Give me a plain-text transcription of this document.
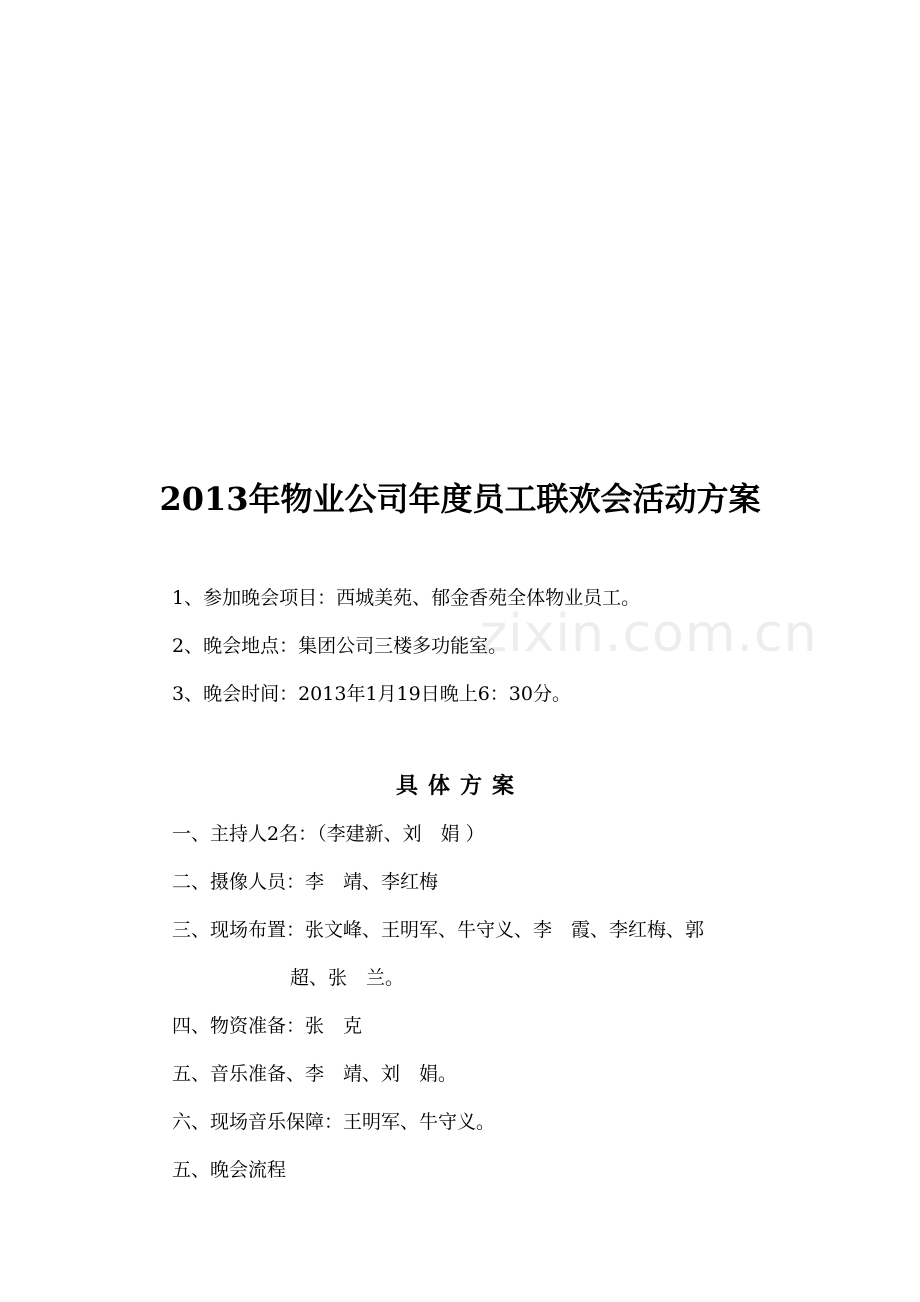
2013年物业公司年度员工联欢会活动方案
1、参加晚会项目：西城美苑、郁金香苑全体物业员工。
2、晚会地点：集团公司三楼多功能室。
3、晚会时间：2013年1月19日晚上6：30分。
具体方案
一、主持人2名：（李建新、刘　娟 ）
二、摄像人员：李　靖、李红梅
三、现场布置：张文峰、王明军、牛守义、李　霞、李红梅、郭
超、张　兰。
四、物资准备：张　克
五、音乐准备、李　靖、刘　娟。
六、现场音乐保障：王明军、牛守义。
五、晚会流程
zixin.com.cn
